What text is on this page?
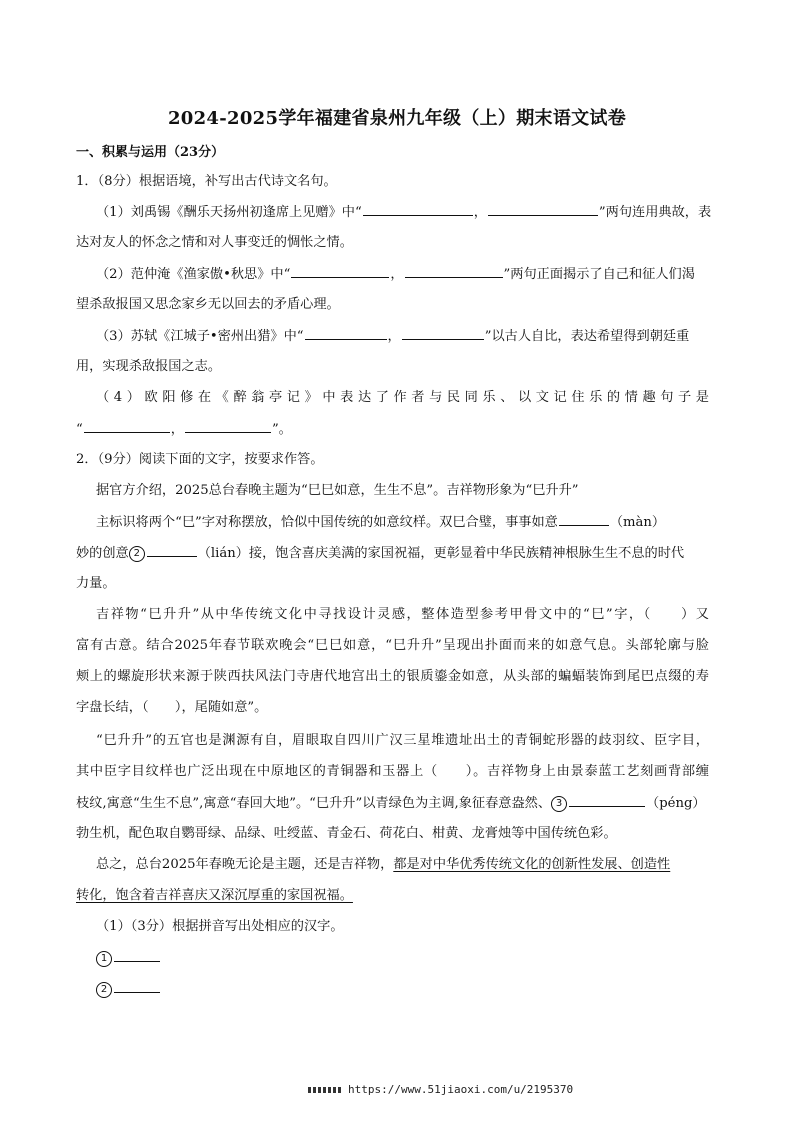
2024-2025学年福建省泉州九年级（上）期末语文试卷
一、积累与运用（23分）
1．（8分）根据语境，补写出古代诗文名句。
（1）刘禹锡《酬乐天扬州初逢席上见赠》中“	，	”两句连用典故，表
达对友人的怀念之情和对人事变迁的惆怅之情。
（2）范仲淹《渔家傲•秋思》中“	，	”两句正面揭示了自己和征人们渴
望杀敌报国又思念家乡无以回去的矛盾心理。
（3）苏轼《江城子•密州出猎》中“	，	”以古人自比，表达希望得到朝廷重
用，实现杀敌报国之志。
（4）欧阳修在《醉翁亭记》中表达了作者与民同乐、以文记住乐的情趣句子是
“	，	”。
2．（9分）阅读下面的文字，按要求作答。
据官方介绍，2025总台春晚主题为“巳巳如意，生生不息”。吉祥物形象为“巳升升”
主标识将两个“巳”字对称摆放，恰似中国传统的如意纹样。双巳合璧，事事如意	（màn）
妙的创意 2	（lián）接，饱含喜庆美满的家国祝福，更彰显着中华民族精神根脉生生不息的时代
力量。
吉祥物“巳升升”从中华传统文化中寻找设计灵感，整体造型参考甲骨文中的“巳”字，（　　）又
富有古意。结合2025年春节联欢晚会“巳巳如意，“巳升升”呈现出扑面而来的如意气息。头部轮廓与脸
颊上的螺旋形状来源于陕西扶风法门寺唐代地宫出土的银质鎏金如意，从头部的蝙蝠装饰到尾巴点缀的寿
字盘长结，（　　），尾随如意”。
“巳升升”的五官也是渊源有自，眉眼取自四川广汉三星堆遗址出土的青铜蛇形器的歧羽纹、臣字目，
其中臣字目纹样也广泛出现在中原地区的青铜器和玉器上（　　）。吉祥物身上由景泰蓝工艺刻画背部缠
枝纹,寓意“生生不息”,寓意“春回大地”。“巳升升”以青绿色为主调,象征春意盎然、 3	（péng）
勃生机，配色取自鹦哥绿、品绿、吐绶蓝、青金石、荷花白、柑黄、龙膏烛等中国传统色彩。
总之，总台2025年春晚无论是主题，还是吉祥物，都是对中华优秀传统文化的创新性发展、创造性
转化，饱含着吉祥喜庆又深沉厚重的家国祝福。
（1）（3分）根据拼音写出处相应的汉字。
1
2
https://www.51jiaoxi.com/u/2195370
